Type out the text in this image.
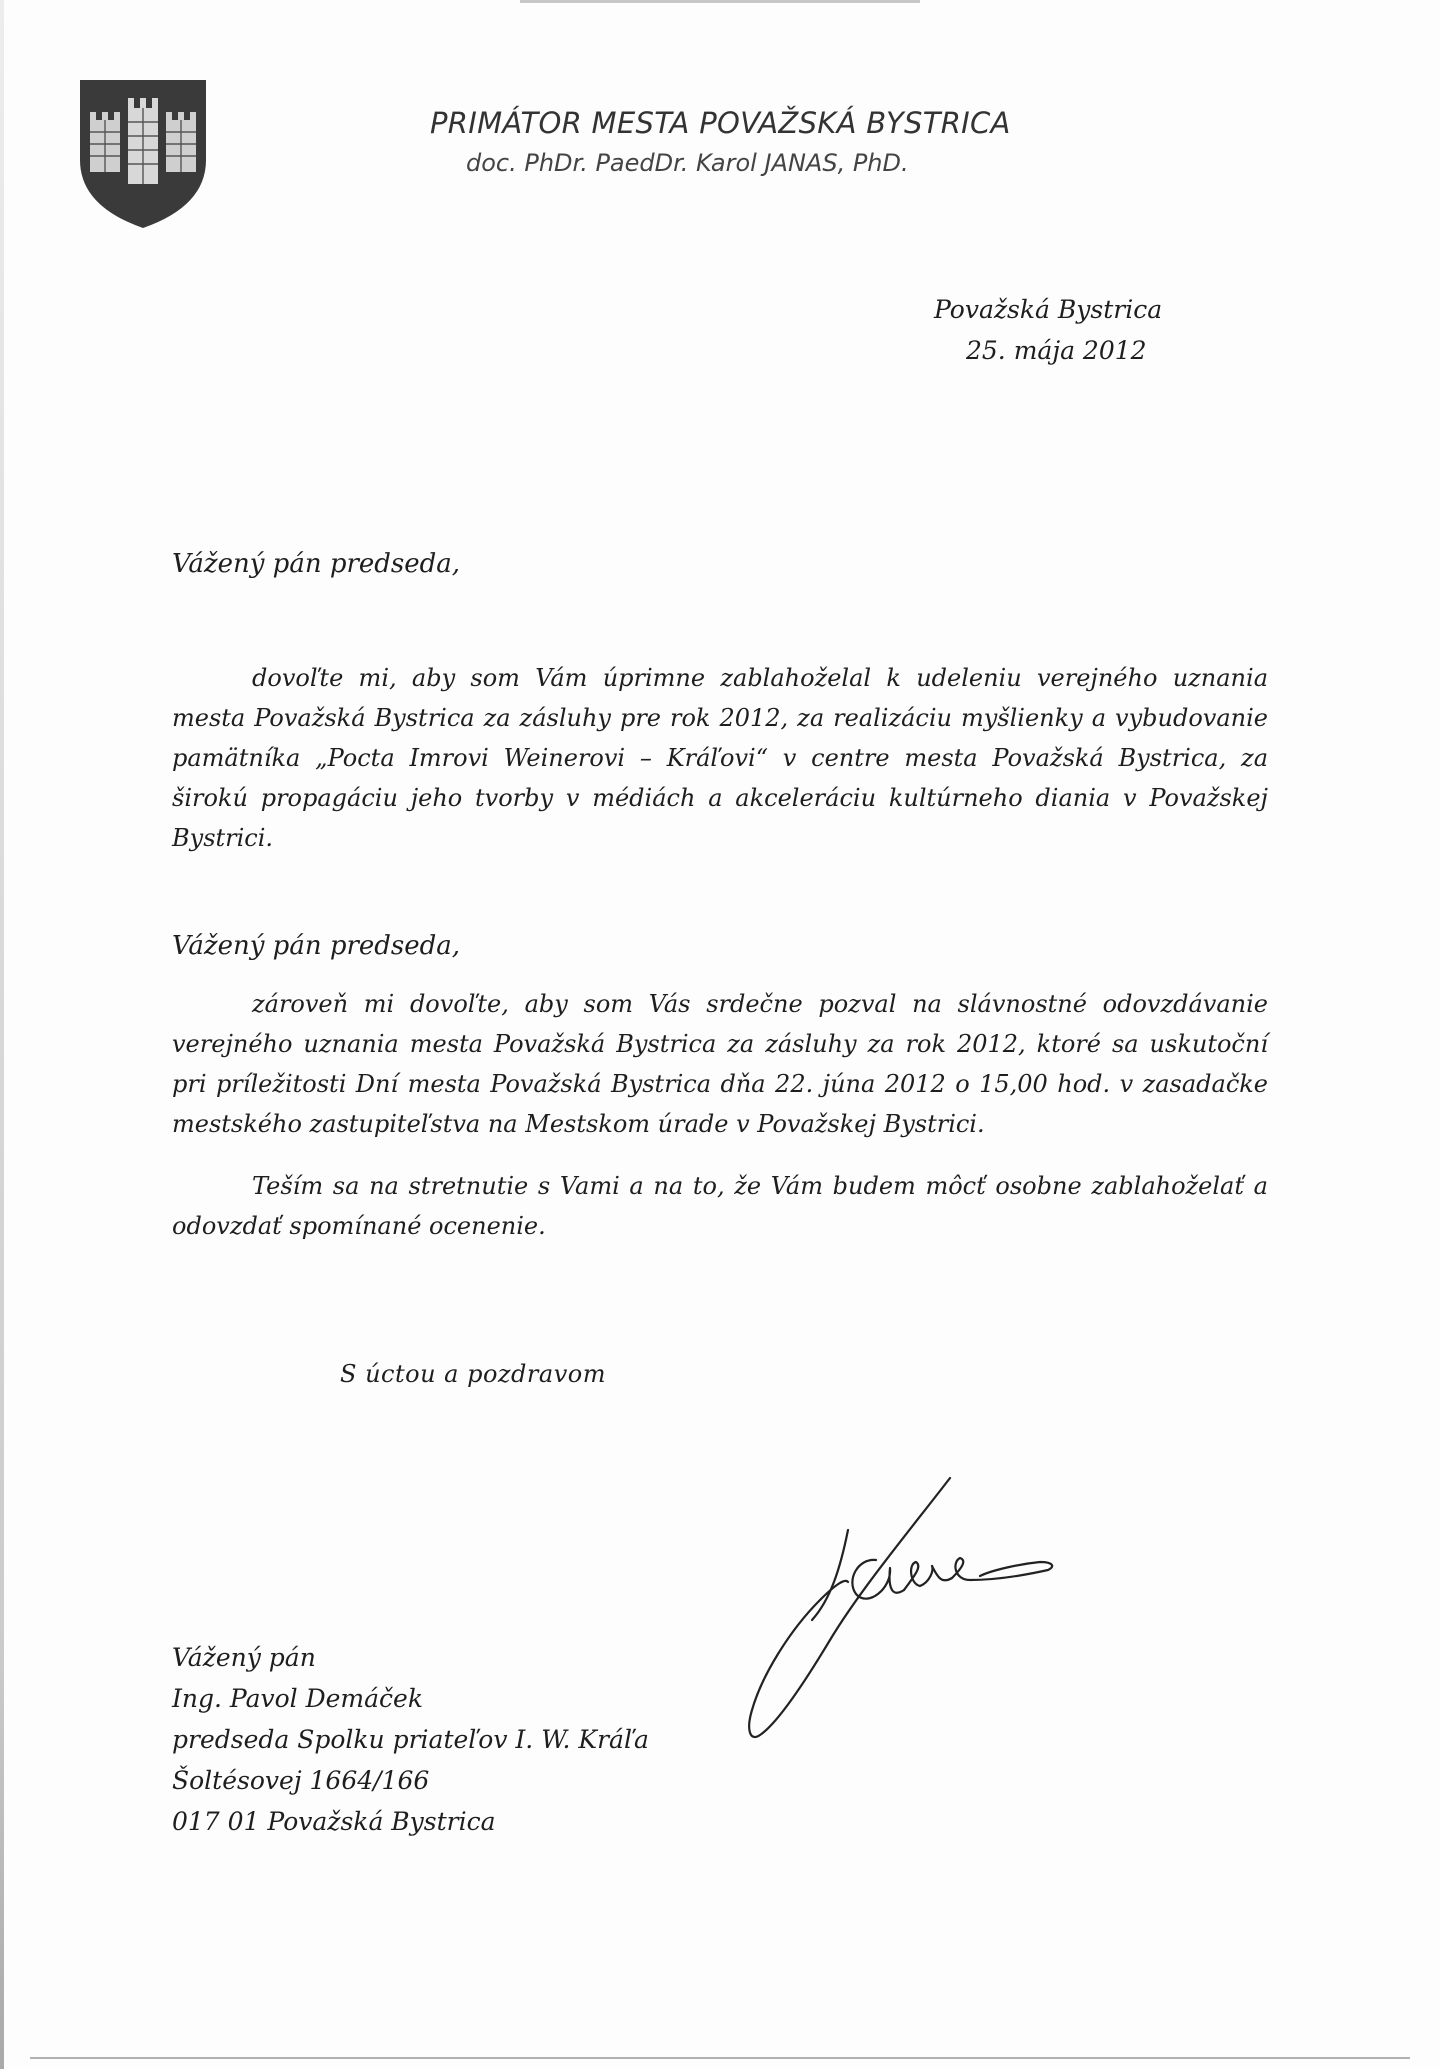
PRIMÁTOR MESTA POVAŽSKÁ BYSTRICA
doc. PhDr. PaedDr. Karol JANAS, PhD.
Považská Bystrica
25. mája 2012
Vážený pán predseda,
dovoľte mi, aby som Vám úprimne zablahoželal k udeleniu verejného uznania mesta Považská Bystrica za zásluhy pre rok 2012, za realizáciu myšlienky a vybudovanie pamätníka „Pocta Imrovi Weinerovi – Kráľovi“ v centre mesta Považská Bystrica, za širokú propagáciu jeho tvorby v médiách a akceleráciu kultúrneho diania v Považskej Bystrici.
Vážený pán predseda,
zároveň mi dovoľte, aby som Vás srdečne pozval na slávnostné odovzdávanie verejného uznania mesta Považská Bystrica za zásluhy za rok 2012, ktoré sa uskutoční pri príležitosti Dní mesta Považská Bystrica dňa 22. júna 2012 o 15,00 hod. v zasadačke mestského zastupiteľstva na Mestskom úrade v Považskej Bystrici.
Teším sa na stretnutie s Vami a na to, že Vám budem môcť osobne zablahoželať a odovzdať spomínané ocenenie.
S úctou a pozdravom
Vážený pán
Ing. Pavol Demáček
predseda Spolku priateľov I. W. Kráľa
Šoltésovej 1664/166
017 01 Považská Bystrica
